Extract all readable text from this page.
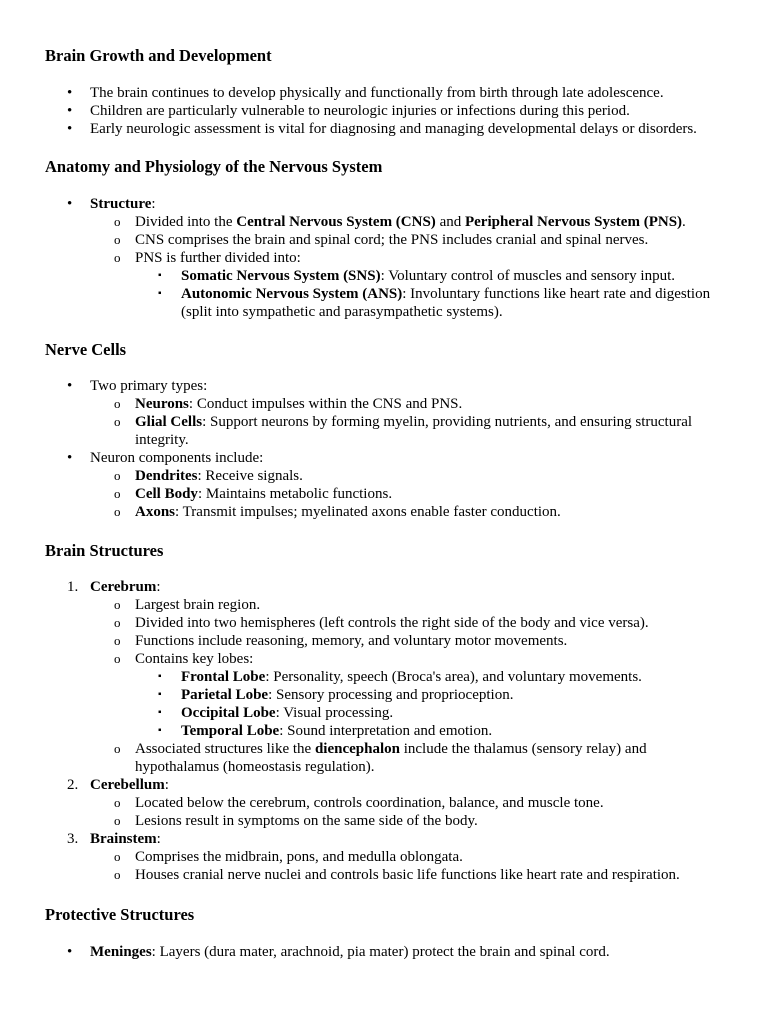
Brain Growth and Development
• The brain continues to develop physically and functionally from birth through late adolescence.
• Children are particularly vulnerable to neurologic injuries or infections during this period.
• Early neurologic assessment is vital for diagnosing and managing developmental delays or disorders.
Anatomy and Physiology of the Nervous System
• Structure:
o Divided into the Central Nervous System (CNS) and Peripheral Nervous System (PNS).
o CNS comprises the brain and spinal cord; the PNS includes cranial and spinal nerves.
o PNS is further divided into:
▪ Somatic Nervous System (SNS): Voluntary control of muscles and sensory input.
▪ Autonomic Nervous System (ANS): Involuntary functions like heart rate and digestion (split into sympathetic and parasympathetic systems).
Nerve Cells
• Two primary types:
o Neurons: Conduct impulses within the CNS and PNS.
o Glial Cells: Support neurons by forming myelin, providing nutrients, and ensuring structural integrity.
• Neuron components include:
o Dendrites: Receive signals.
o Cell Body: Maintains metabolic functions.
o Axons: Transmit impulses; myelinated axons enable faster conduction.
Brain Structures
1. Cerebrum:
o Largest brain region.
o Divided into two hemispheres (left controls the right side of the body and vice versa).
o Functions include reasoning, memory, and voluntary motor movements.
o Contains key lobes:
▪ Frontal Lobe: Personality, speech (Broca's area), and voluntary movements.
▪ Parietal Lobe: Sensory processing and proprioception.
▪ Occipital Lobe: Visual processing.
▪ Temporal Lobe: Sound interpretation and emotion.
o Associated structures like the diencephalon include the thalamus (sensory relay) and hypothalamus (homeostasis regulation).
2. Cerebellum:
o Located below the cerebrum, controls coordination, balance, and muscle tone.
o Lesions result in symptoms on the same side of the body.
3. Brainstem:
o Comprises the midbrain, pons, and medulla oblongata.
o Houses cranial nerve nuclei and controls basic life functions like heart rate and respiration.
Protective Structures
• Meninges: Layers (dura mater, arachnoid, pia mater) protect the brain and spinal cord.
